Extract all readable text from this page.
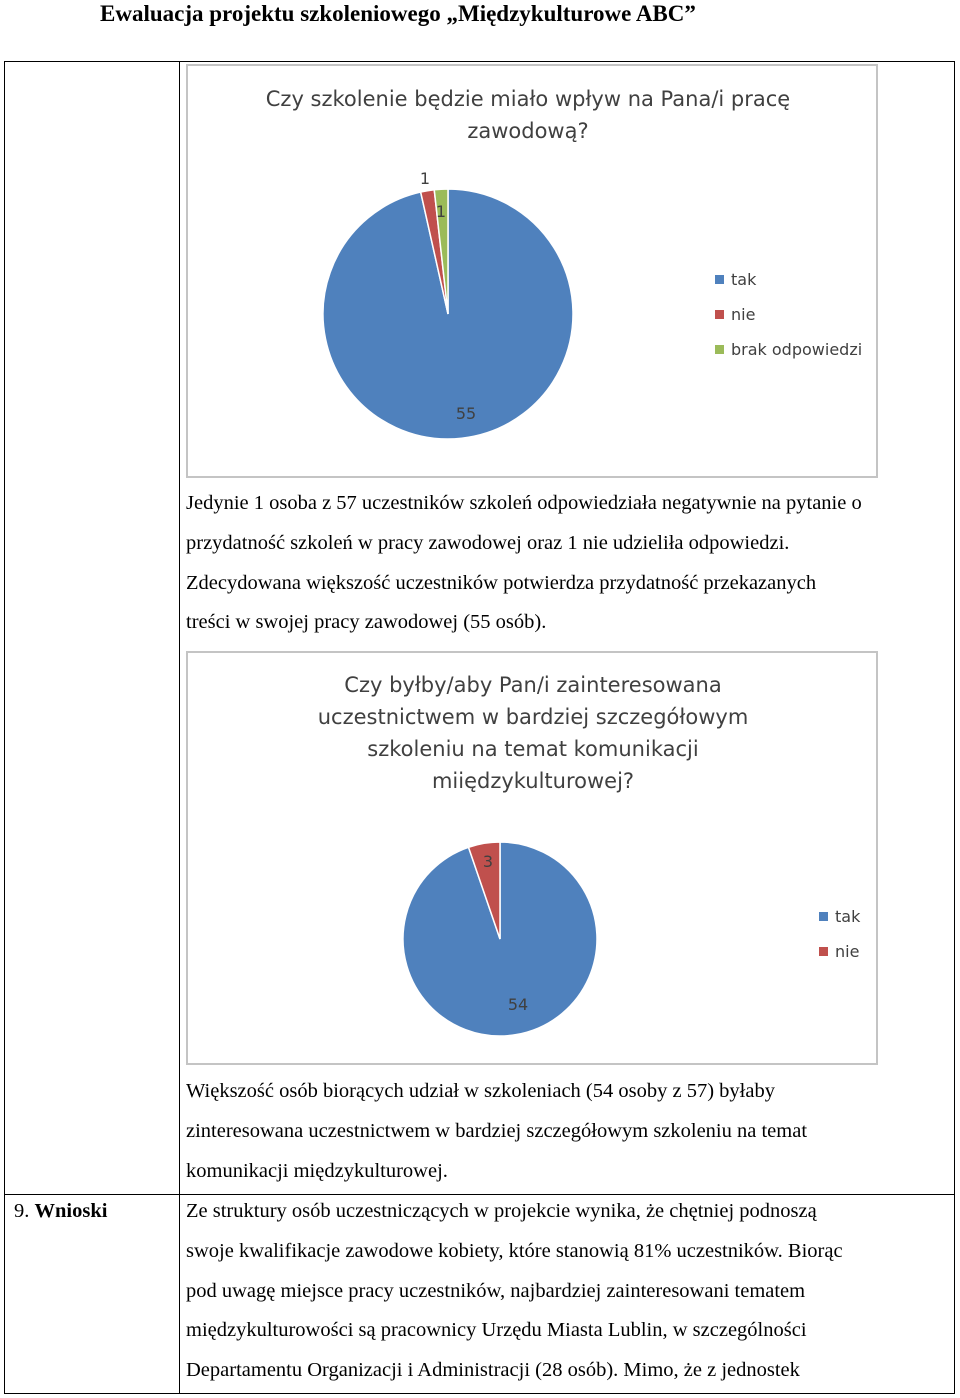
Ewaluacja projektu szkoleniowego „Międzykulturowe ABC”
Czy szkolenie będzie miało wpływ na Pana/i pracę
zawodową?
55
1
1
tak
nie
brak odpowiedzi
Jedynie 1 osoba z 57 uczestników szkoleń odpowiedziała negatywnie na pytanie o
przydatność szkoleń w pracy zawodowej oraz 1 nie udzieliła odpowiedzi.
Zdecydowana większość uczestników potwierdza przydatność przekazanych
treści w swojej pracy zawodowej (55 osób).
Czy byłby/aby Pan/i zainteresowana
uczestnictwem w bardziej szczegółowym
szkoleniu na temat komunikacji
miiędzykulturowej?
54
3
tak
nie
Większość osób biorących udział w szkoleniach (54 osoby z 57) byłaby
zinteresowana uczestnictwem w bardziej szczegółowym szkoleniu na temat
komunikacji międzykulturowej.
9. Wnioski	Ze struktury osób uczestniczących w projekcie wynika, że chętniej podnoszą
swoje kwalifikacje zawodowe kobiety, które stanowią 81% uczestników. Biorąc
pod uwagę miejsce pracy uczestników, najbardziej zainteresowani tematem
międzykulturowości są pracownicy Urzędu Miasta Lublin, w szczególności
Departamentu Organizacji i Administracji (28 osób). Mimo, że z jednostek
